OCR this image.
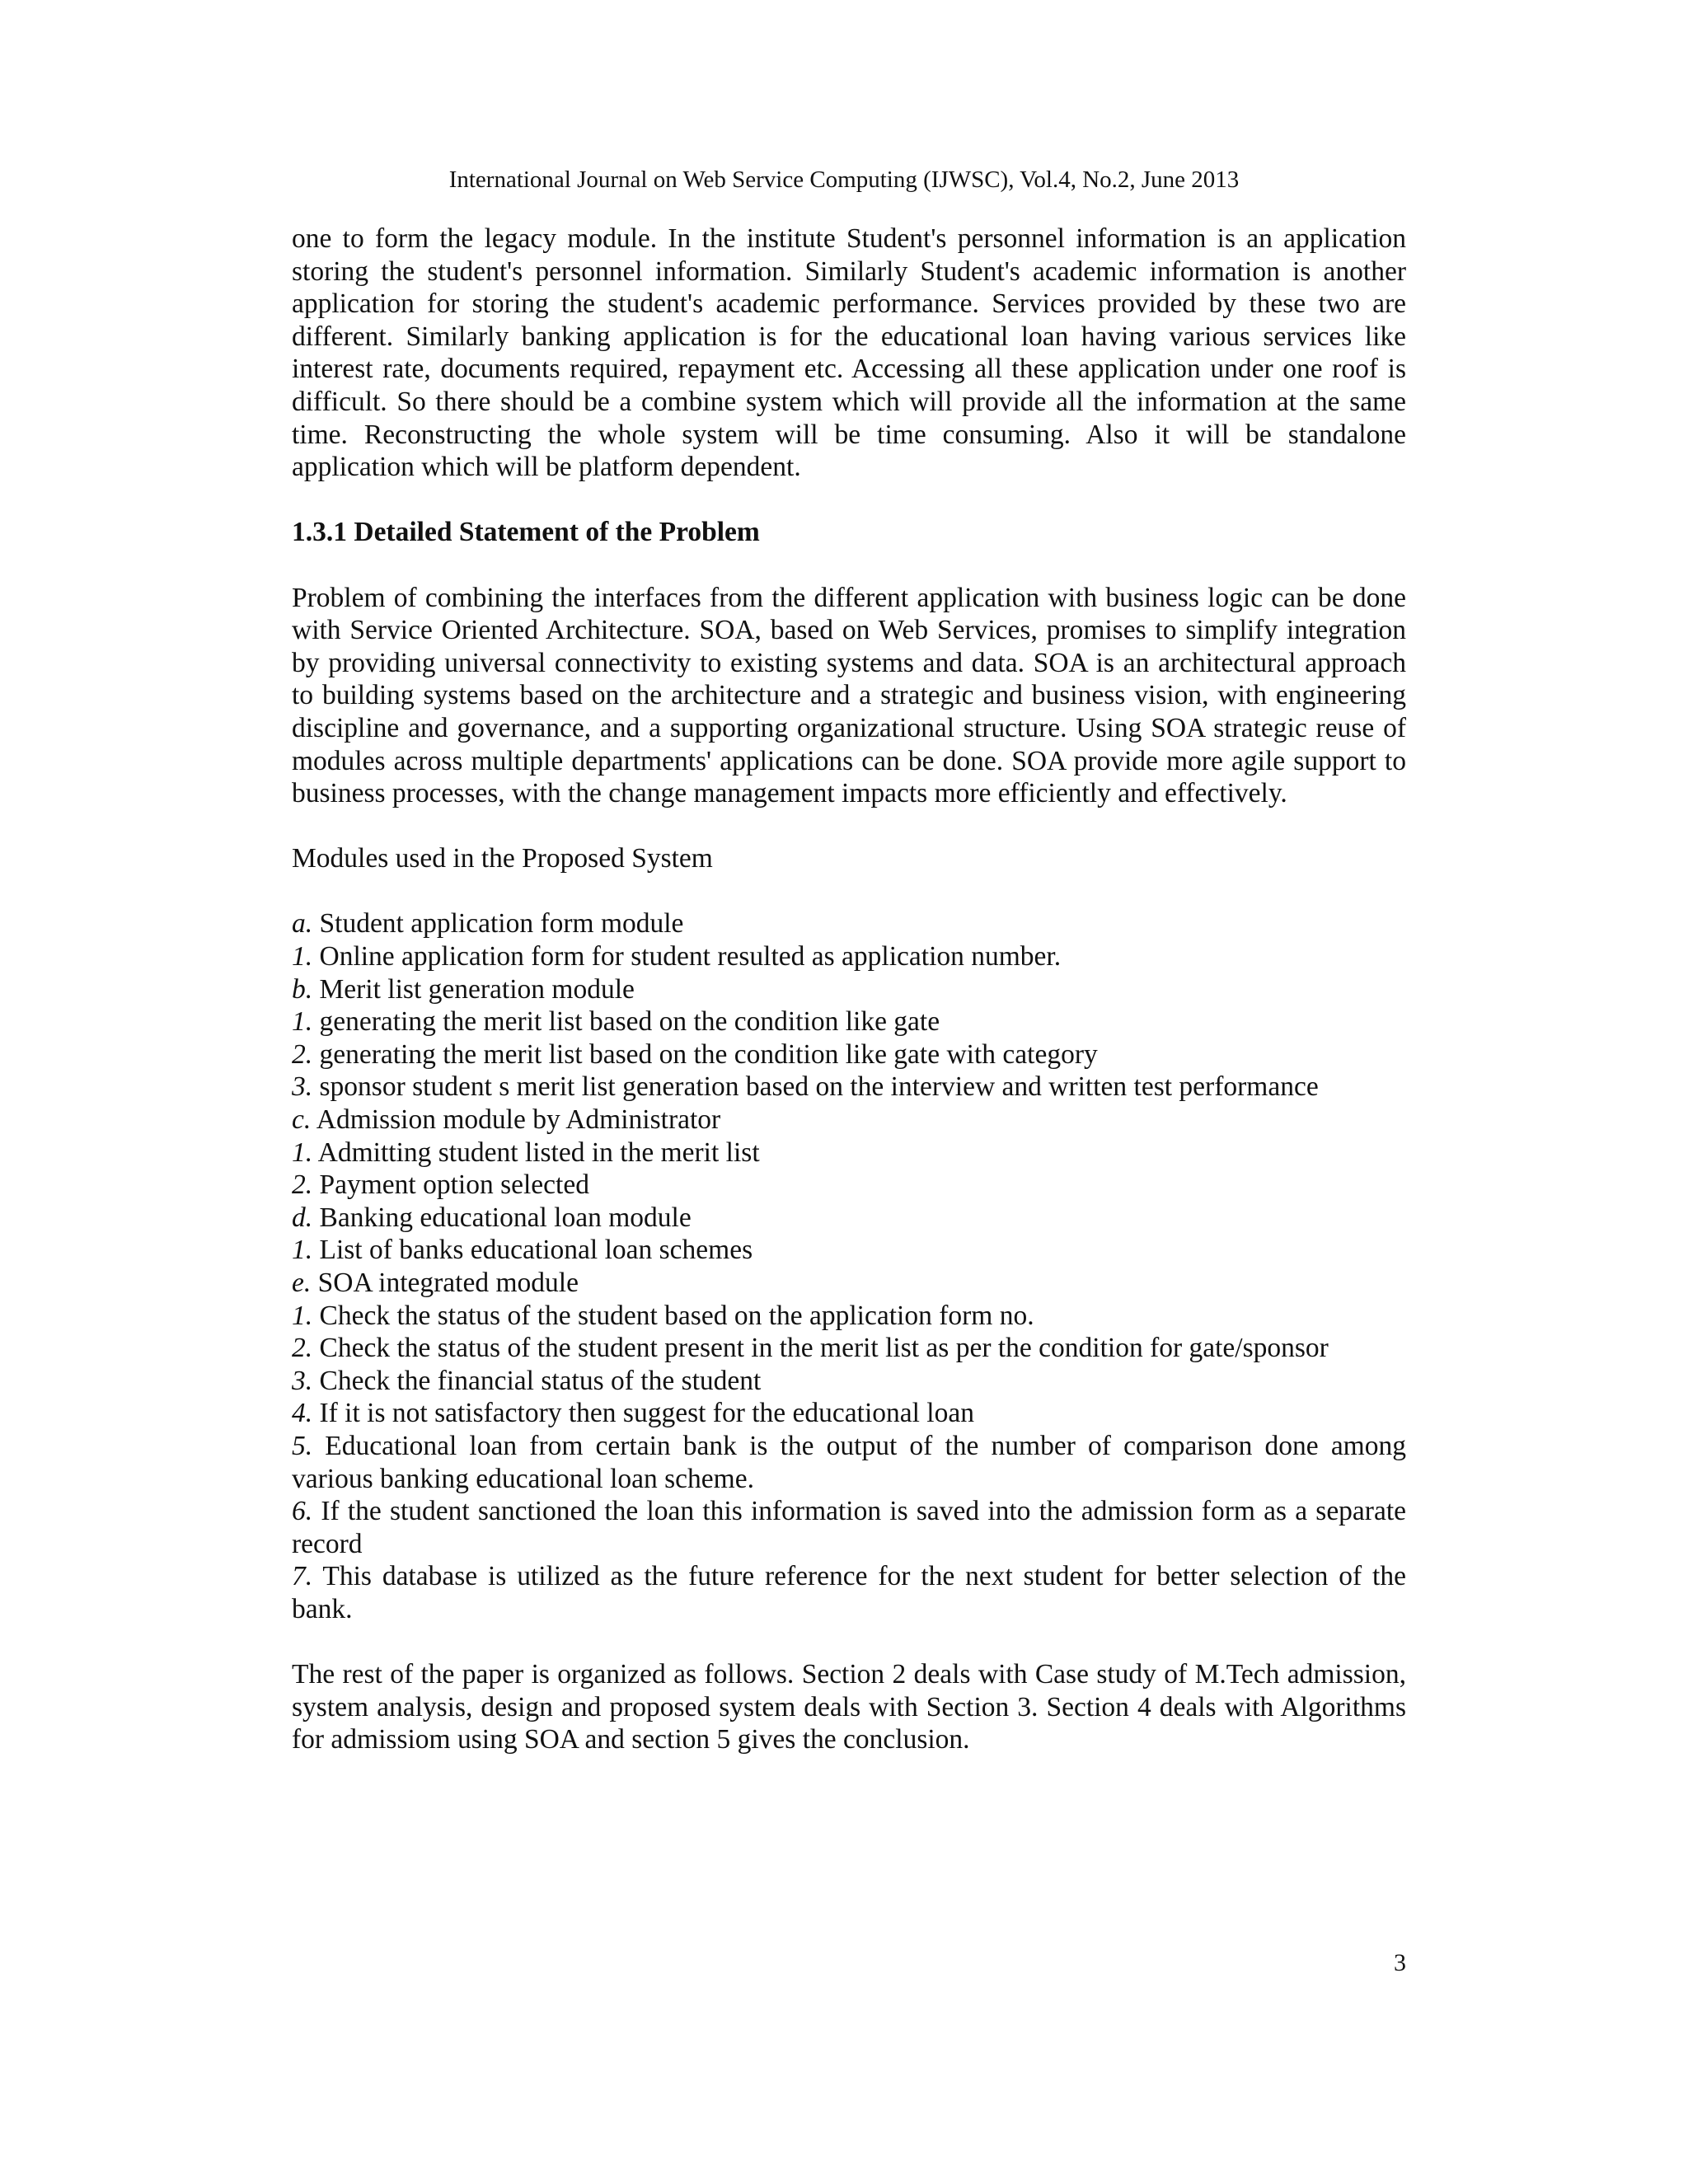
International Journal on Web Service Computing (IJWSC), Vol.4, No.2, June 2013

one to form the legacy module. In the institute Student's personnel information is an application storing the student's personnel information. Similarly Student's academic information is another application for storing the student's academic performance. Services provided by these two are different. Similarly banking application is for the educational loan having various services like interest rate, documents required, repayment etc. Accessing all these application under one roof is difficult. So there should be a combine system which will provide all the information at the same time. Reconstructing the whole system will be time consuming. Also it will be standalone application which will be platform dependent.

1.3.1 Detailed Statement of the Problem

Problem of combining the interfaces from the different application with business logic can be done with Service Oriented Architecture. SOA, based on Web Services, promises to simplify integration by providing universal connectivity to existing systems and data. SOA is an architectural approach to building systems based on the architecture and a strategic and business vision, with engineering discipline and governance, and a supporting organizational structure. Using SOA strategic reuse of modules across multiple departments' applications can be done. SOA provide more agile support to business processes, with the change management impacts more efficiently and effectively.

Modules used in the Proposed System

a. Student application form module

1. Online application form for student resulted as application number.

b. Merit list generation module

1. generating the merit list based on the condition like gate

2. generating the merit list based on the condition like gate with category

3. sponsor student s merit list generation based on the interview and written test performance

c. Admission module by Administrator

1. Admitting student listed in the merit list

2. Payment option selected

d. Banking educational loan module

1. List of banks educational loan schemes

e. SOA integrated module

1. Check the status of the student based on the application form no.

2. Check the status of the student present in the merit list as per the condition for gate/sponsor

3. Check the financial status of the student

4. If it is not satisfactory then suggest for the educational loan

5. Educational loan from certain bank is the output of the number of comparison done among various banking educational loan scheme.

6. If the student sanctioned the loan this information is saved into the admission form as a separate record

7. This database is utilized as the future reference for the next student for better selection of the bank.

The rest of the paper is organized as follows. Section 2 deals with Case study of M.Tech admission, system analysis, design and proposed system deals with Section 3. Section 4 deals with Algorithms for admissiom using SOA and section 5 gives the conclusion.

3
